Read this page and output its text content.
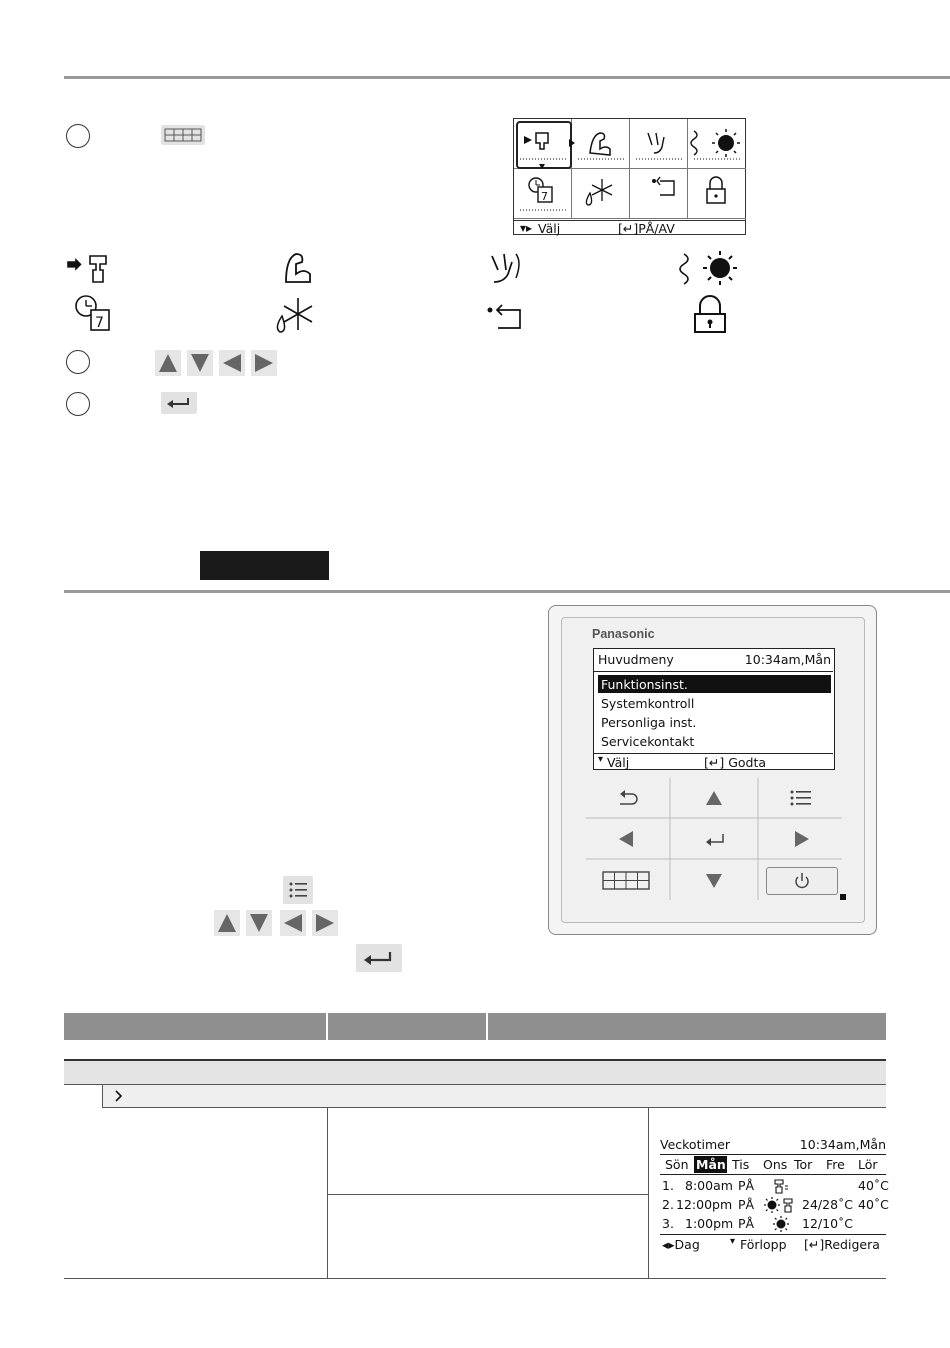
7
▾▸ Välj	[↵]PÅ/AV
7
Panasonic
Huvudmeny	10:34am,Mån
Funktionsinst.
Systemkontroll
Personliga inst.
Servicekontakt
▾ Välj	[↵] Godta
Veckotimer	10:34am,Mån
Sön Mån Tis Ons Tor Fre Lör
1. 8:00am PÅ	40˚C
2. 12:00pm PÅ	24/28˚C 40˚C
3. 1:00pm PÅ	12/10˚C
◂▸Dag	▾ Förlopp [↵]Redigera
